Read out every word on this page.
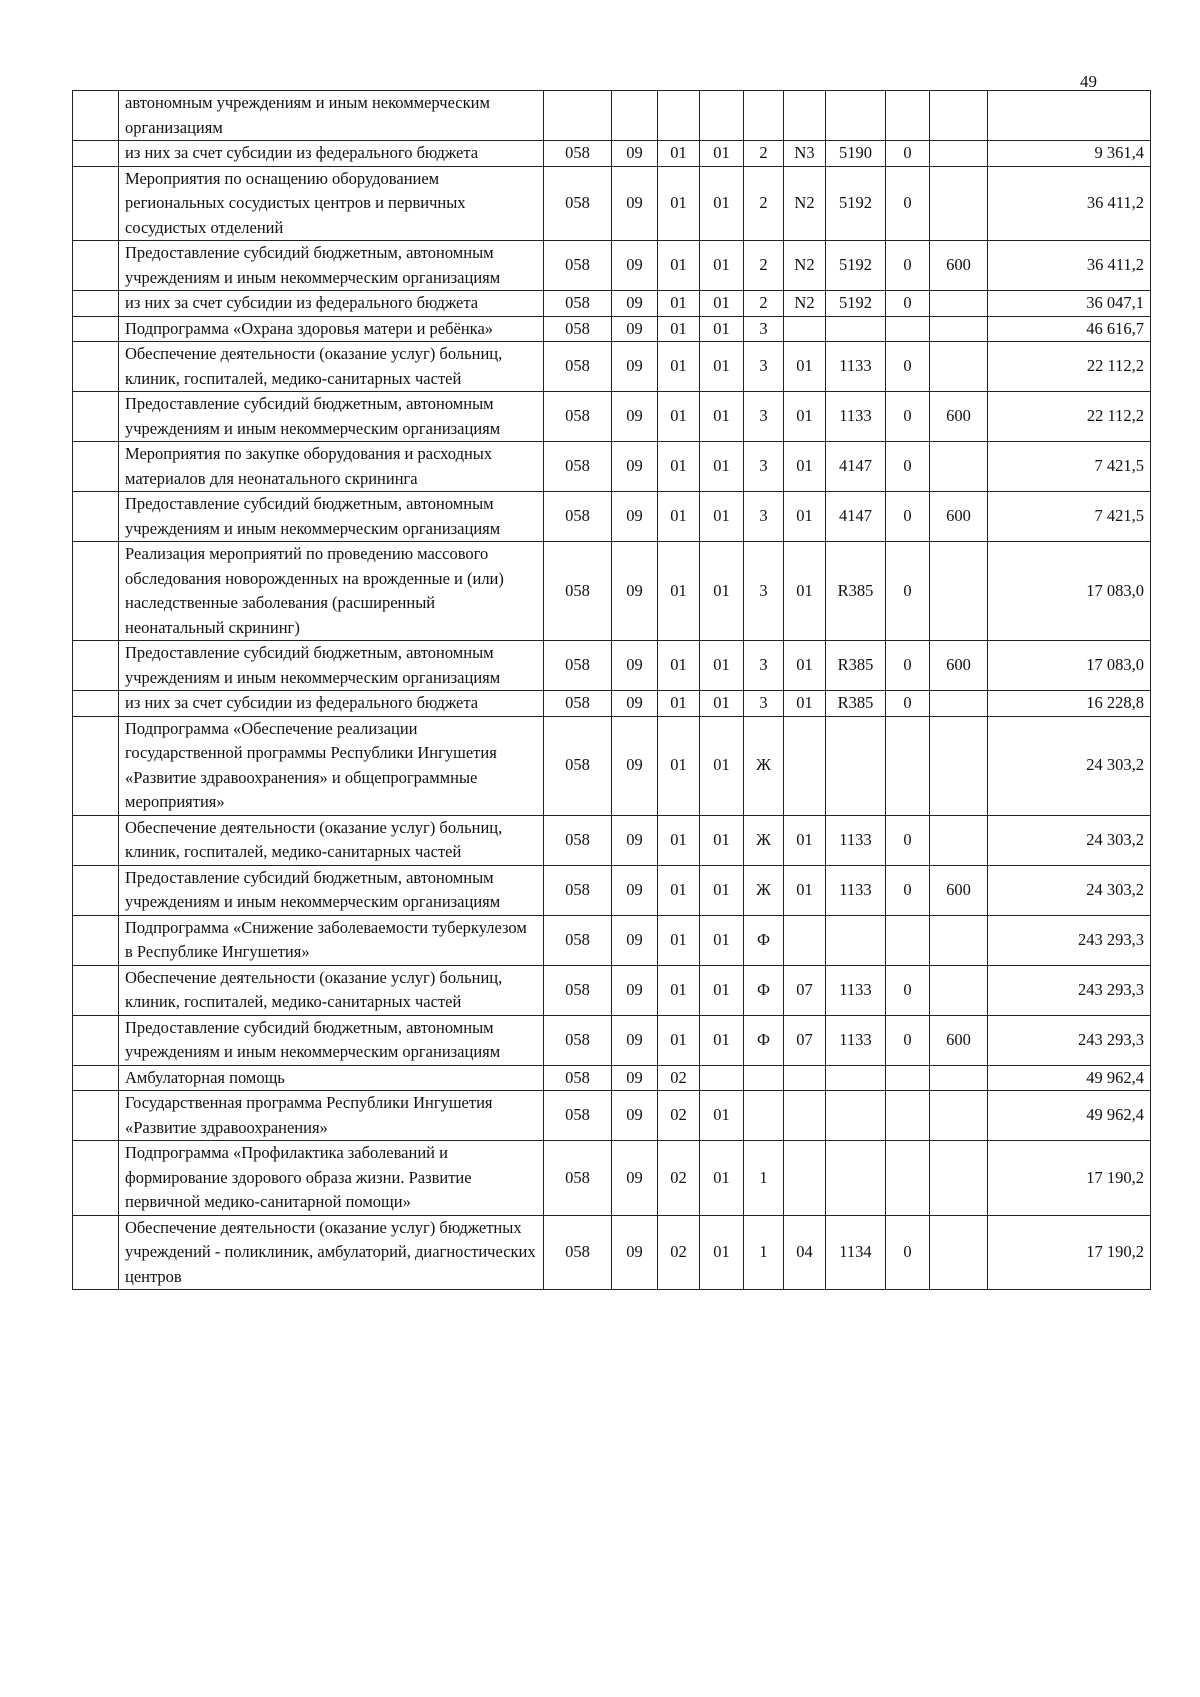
49
	автономным учреждениям и иным некоммерческим организациям										
	из них за счет субсидии из федерального бюджета	058	09	01	01	2	N3	5190	0		9 361,4
	Мероприятия по оснащению оборудованием региональных сосудистых центров и первичных сосудистых отделений	058	09	01	01	2	N2	5192	0		36 411,2
	Предоставление субсидий бюджетным, автономным учреждениям и иным некоммерческим организациям	058	09	01	01	2	N2	5192	0	600	36 411,2
	из них за счет субсидии из федерального бюджета	058	09	01	01	2	N2	5192	0		36 047,1
	Подпрограмма «Охрана здоровья матери и ребёнка»	058	09	01	01	3					46 616,7
	Обеспечение деятельности (оказание услуг) больниц, клиник, госпиталей, медико-санитарных частей	058	09	01	01	3	01	1133	0		22 112,2
	Предоставление субсидий бюджетным, автономным учреждениям и иным некоммерческим организациям	058	09	01	01	3	01	1133	0	600	22 112,2
	Мероприятия по закупке оборудования и расходных материалов для неонатального скрининга	058	09	01	01	3	01	4147	0		7 421,5
	Предоставление субсидий бюджетным, автономным учреждениям и иным некоммерческим организациям	058	09	01	01	3	01	4147	0	600	7 421,5
	Реализация мероприятий по проведению массового обследования новорожденных на врожденные и (или) наследственные заболевания (расширенный неонатальный скрининг)	058	09	01	01	3	01	R385	0		17 083,0
	Предоставление субсидий бюджетным, автономным учреждениям и иным некоммерческим организациям	058	09	01	01	3	01	R385	0	600	17 083,0
	из них за счет субсидии из федерального бюджета	058	09	01	01	3	01	R385	0		16 228,8
	Подпрограмма «Обеспечение реализации государственной программы Республики Ингушетия «Развитие здравоохранения» и общепрограммные мероприятия»	058	09	01	01	Ж					24 303,2
	Обеспечение деятельности (оказание услуг) больниц, клиник, госпиталей, медико-санитарных частей	058	09	01	01	Ж	01	1133	0		24 303,2
	Предоставление субсидий бюджетным, автономным учреждениям и иным некоммерческим организациям	058	09	01	01	Ж	01	1133	0	600	24 303,2
	Подпрограмма «Снижение заболеваемости туберкулезом в Республике Ингушетия»	058	09	01	01	Ф					243 293,3
	Обеспечение деятельности (оказание услуг) больниц, клиник, госпиталей, медико-санитарных частей	058	09	01	01	Ф	07	1133	0		243 293,3
	Предоставление субсидий бюджетным, автономным учреждениям и иным некоммерческим организациям	058	09	01	01	Ф	07	1133	0	600	243 293,3
	Амбулаторная помощь	058	09	02							49 962,4
	Государственная программа Республики Ингушетия «Развитие здравоохранения»	058	09	02	01						49 962,4
	Подпрограмма «Профилактика заболеваний и формирование здорового образа жизни. Развитие первичной медико-санитарной помощи»	058	09	02	01	1					17 190,2
	Обеспечение деятельности (оказание услуг) бюджетных учреждений - поликлиник, амбулаторий, диагностических центров	058	09	02	01	1	04	1134	0		17 190,2
